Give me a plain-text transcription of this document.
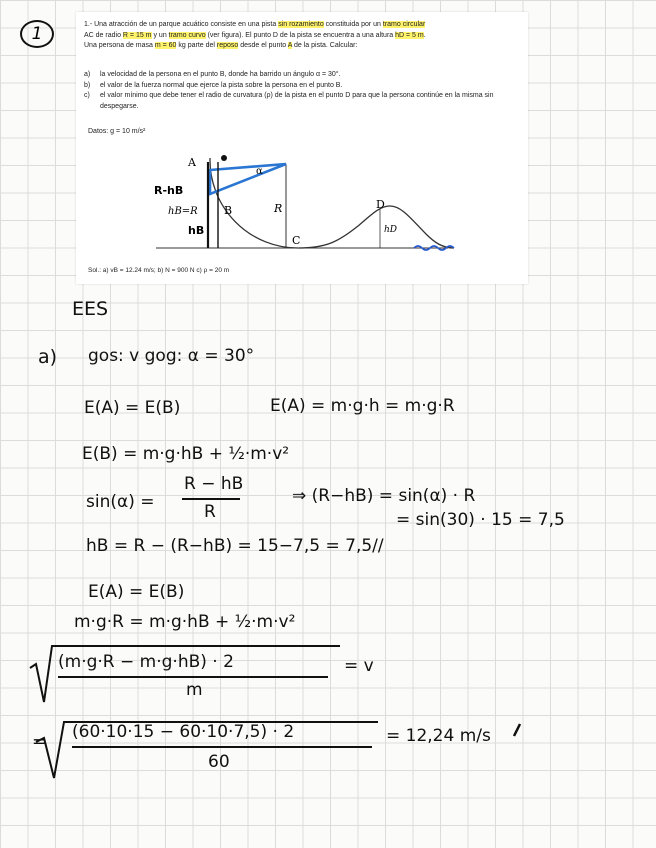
1	1.- Una atracción de un parque acuático consiste en una pista sin rozamiento constituida por un tramo circular
AC de radio R = 15 m y un tramo curvo (ver figura). El punto D de la pista se encuentra a una altura hD = 5 m.
Una persona de masa m = 60 kg parte del reposo desde el punto A de la pista. Calcular:
a)	la velocidad de la persona en el punto B, donde ha barrido un ángulo α = 30°.
b)	el valor de la fuerza normal que ejerce la pista sobre la persona en el punto B.
c)	el valor mínimo que debe tener el radio de curvatura (ρ) de la pista en el punto D para que la persona continúe en la misma sin despegarse.
Datos: g = 10 m/s²
A
B
C
D
R
α
hD
hB=R
R-hB
hB
Sol.: a) vB = 12.24 m/s; b) N = 900 N c) ρ = 20 m
EES
a) gos: v gog: α = 30°
E(A) = E(B)	E(A) = m·g·h = m·g·R
E(B) = m·g·hB + ½·m·v²
sin(α) =
R − hB
R
⇒ (R−hB) = sin(α) · R
= sin(30) · 15 = 7,5
hB = R − (R−hB) = 15−7,5 = 7,5//
E(A) = E(B)
m·g·R = m·g·hB + ½·m·v²
(m·g·R − m·g·hB) · 2
m
= v
= (60·10·15 − 60·10·7,5) · 2
60
= 12,24 m/s
